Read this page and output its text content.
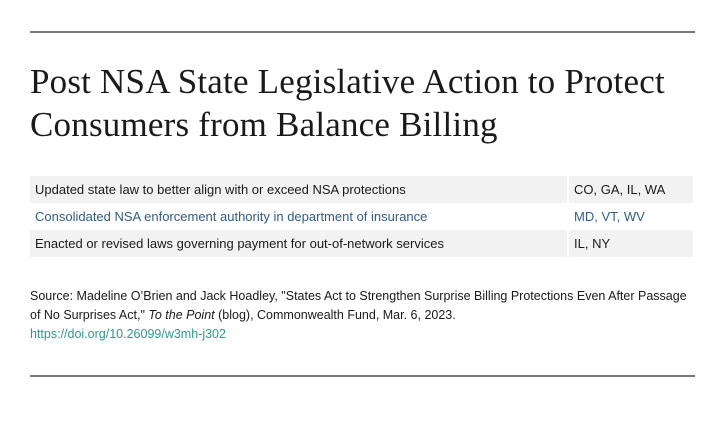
Post NSA State Legislative Action to Protect Consumers from Balance Billing
Updated state law to better align with or exceed NSA protections	CO, GA, IL, WA
Consolidated NSA enforcement authority in department of insurance	MD, VT, WV
Enacted or revised laws governing payment for out-of-network services	IL, NY
Source: Madeline O’Brien and Jack Hoadley, "States Act to Strengthen Surprise Billing Protections Even After Passage of No Surprises Act," To the Point (blog), Commonwealth Fund, Mar. 6, 2023.
https://doi.org/10.26099/w3mh-j302
